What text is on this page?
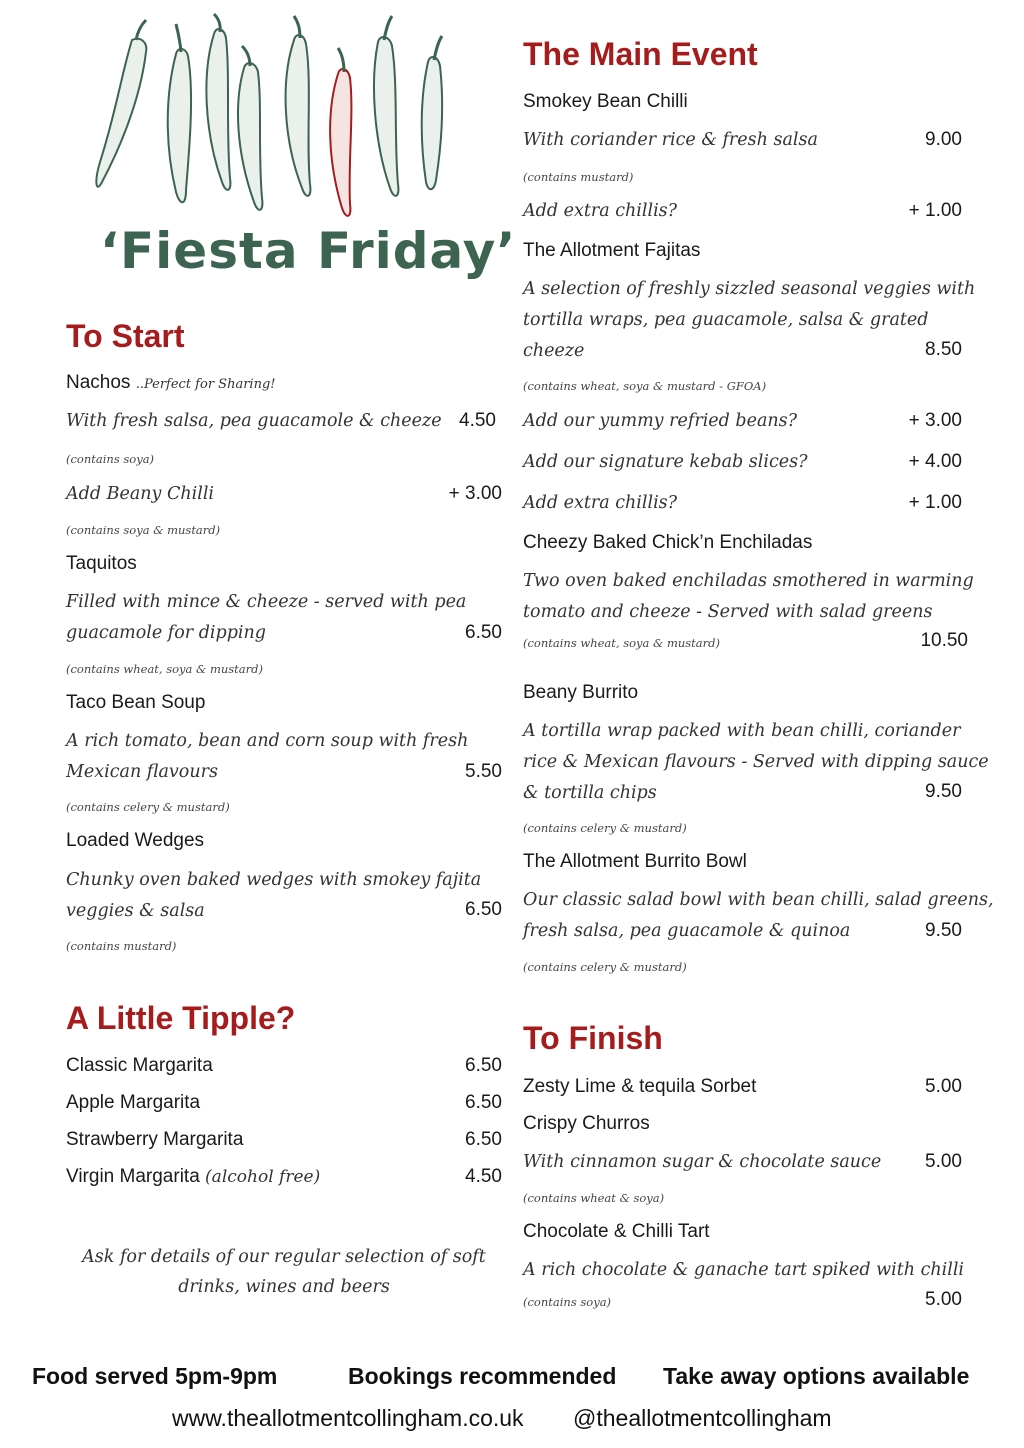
‘Fiesta Friday’
To Start
Nachos ..Perfect for Sharing!
With fresh salsa, pea guacamole & cheeze 4.50
(contains soya)
Add Beany Chilli	+ 3.00
(contains soya & mustard)
Taquitos
Filled with mince & cheeze - served with pea
guacamole for dipping	6.50
(contains wheat, soya & mustard)
Taco Bean Soup
A rich tomato, bean and corn soup with fresh
Mexican flavours	5.50
(contains celery & mustard)
Loaded Wedges
Chunky oven baked wedges with smokey fajita
veggies & salsa	6.50
(contains mustard)
A Little Tipple?
Classic Margarita	6.50
Apple Margarita	6.50
Strawberry Margarita	6.50
Virgin Margarita (alcohol free)	4.50
Ask for details of our regular selection of soft
drinks, wines and beers
The Main Event
Smokey Bean Chilli
With coriander rice & fresh salsa	9.00
(contains mustard)
Add extra chillis?	+ 1.00
The Allotment Fajitas
A selection of freshly sizzled seasonal veggies with
tortilla wraps, pea guacamole, salsa & grated
cheeze	8.50
(contains wheat, soya & mustard - GFOA)
Add our yummy refried beans?	+ 3.00
Add our signature kebab slices?	+ 4.00
Add extra chillis?	+ 1.00
Cheezy Baked Chick’n Enchiladas
Two oven baked enchiladas smothered in warming
tomato and cheeze - Served with salad greens
(contains wheat, soya & mustard)	10.50
Beany Burrito
A tortilla wrap packed with bean chilli, coriander
rice & Mexican flavours - Served with dipping sauce
& tortilla chips	9.50
(contains celery & mustard)
The Allotment Burrito Bowl
Our classic salad bowl with bean chilli, salad greens,
fresh salsa, pea guacamole & quinoa	9.50
(contains celery & mustard)
To Finish
Zesty Lime & tequila Sorbet	5.00
Crispy Churros
With cinnamon sugar & chocolate sauce	5.00
(contains wheat & soya)
Chocolate & Chilli Tart
A rich chocolate & ganache tart spiked with chilli
(contains soya)	5.00
Food served 5pm-9pm	Bookings recommended Take away options available
www.theallotmentcollingham.co.uk @theallotmentcollingham
